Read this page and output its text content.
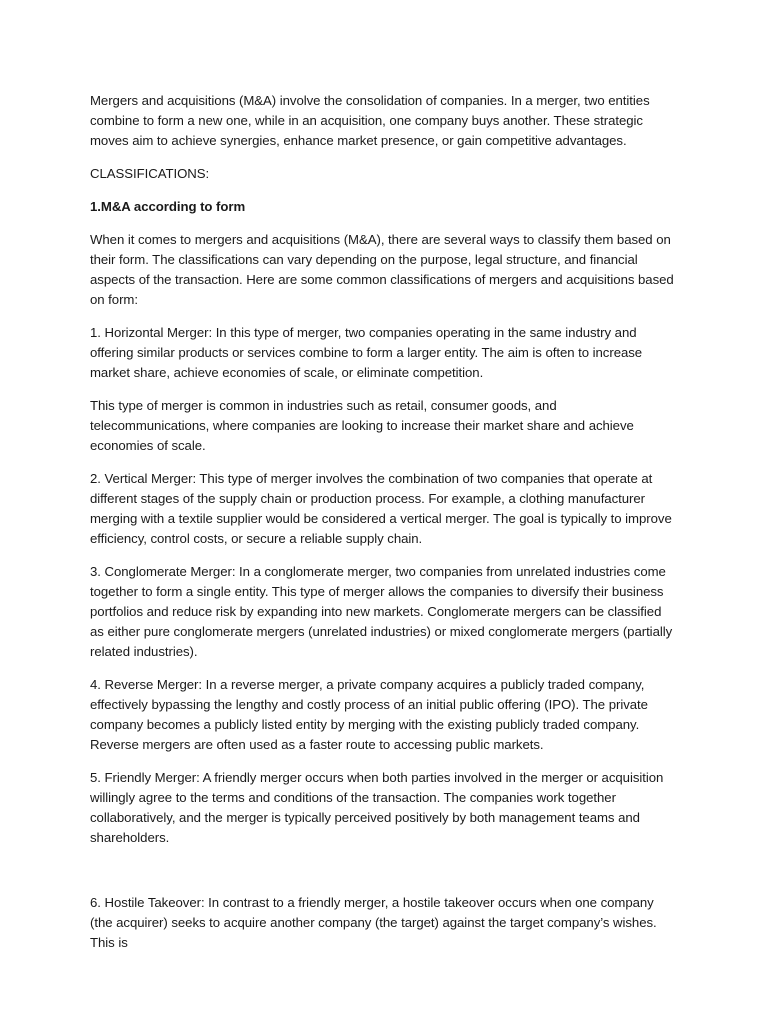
Mergers and acquisitions (M&A) involve the consolidation of companies. In a merger, two entities combine to form a new one, while in an acquisition, one company buys another. These strategic moves aim to achieve synergies, enhance market presence, or gain competitive advantages.

CLASSIFICATIONS:

1.M&A according to form

When it comes to mergers and acquisitions (M&A), there are several ways to classify them based on their form. The classifications can vary depending on the purpose, legal structure, and financial aspects of the transaction. Here are some common classifications of mergers and acquisitions based on form:

1. Horizontal Merger: In this type of merger, two companies operating in the same industry and offering similar products or services combine to form a larger entity. The aim is often to increase market share, achieve economies of scale, or eliminate competition.

This type of merger is common in industries such as retail, consumer goods, and telecommunications, where companies are looking to increase their market share and achieve economies of scale.

2. Vertical Merger: This type of merger involves the combination of two companies that operate at different stages of the supply chain or production process. For example, a clothing manufacturer merging with a textile supplier would be considered a vertical merger. The goal is typically to improve efficiency, control costs, or secure a reliable supply chain.

3. Conglomerate Merger: In a conglomerate merger, two companies from unrelated industries come together to form a single entity. This type of merger allows the companies to diversify their business portfolios and reduce risk by expanding into new markets. Conglomerate mergers can be classified as either pure conglomerate mergers (unrelated industries) or mixed conglomerate mergers (partially related industries).

4. Reverse Merger: In a reverse merger, a private company acquires a publicly traded company, effectively bypassing the lengthy and costly process of an initial public offering (IPO). The private company becomes a publicly listed entity by merging with the existing publicly traded company. Reverse mergers are often used as a faster route to accessing public markets.

5. Friendly Merger: A friendly merger occurs when both parties involved in the merger or acquisition willingly agree to the terms and conditions of the transaction. The companies work together collaboratively, and the merger is typically perceived positively by both management teams and shareholders.

6. Hostile Takeover: In contrast to a friendly merger, a hostile takeover occurs when one company (the acquirer) seeks to acquire another company (the target) against the target company’s wishes. This is
